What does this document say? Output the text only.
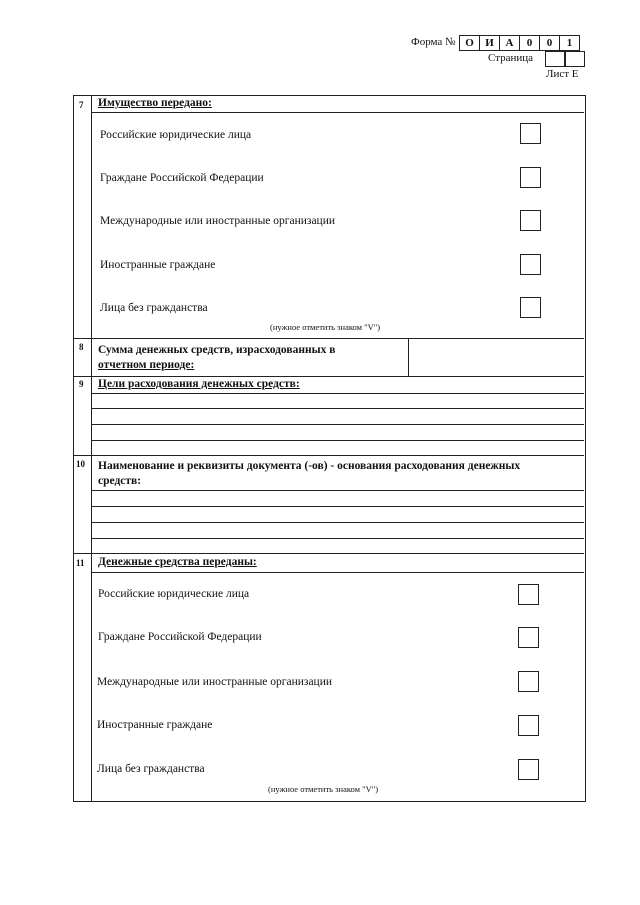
Форма № О	И	А	0	0	1
Страница
Лист Е
7 Имущество передано:
Российские юридические лица
Граждане Российской Федерации
Международные или иностранные организации
Иностранные граждане
Лица без гражданства
(нужное отметить знаком "V")
8 Сумма денежных средств, израсходованных в
отчетном периоде:
9 Цели расходования денежных средств:
10 Наименование и реквизиты документа (-ов) - основания расходования денежных
средств:
11 Денежные средства переданы:
Российские юридические лица
Граждане Российской Федерации
Международные или иностранные организации
Иностранные граждане
Лица без гражданства
(нужное отметить знаком "V")
